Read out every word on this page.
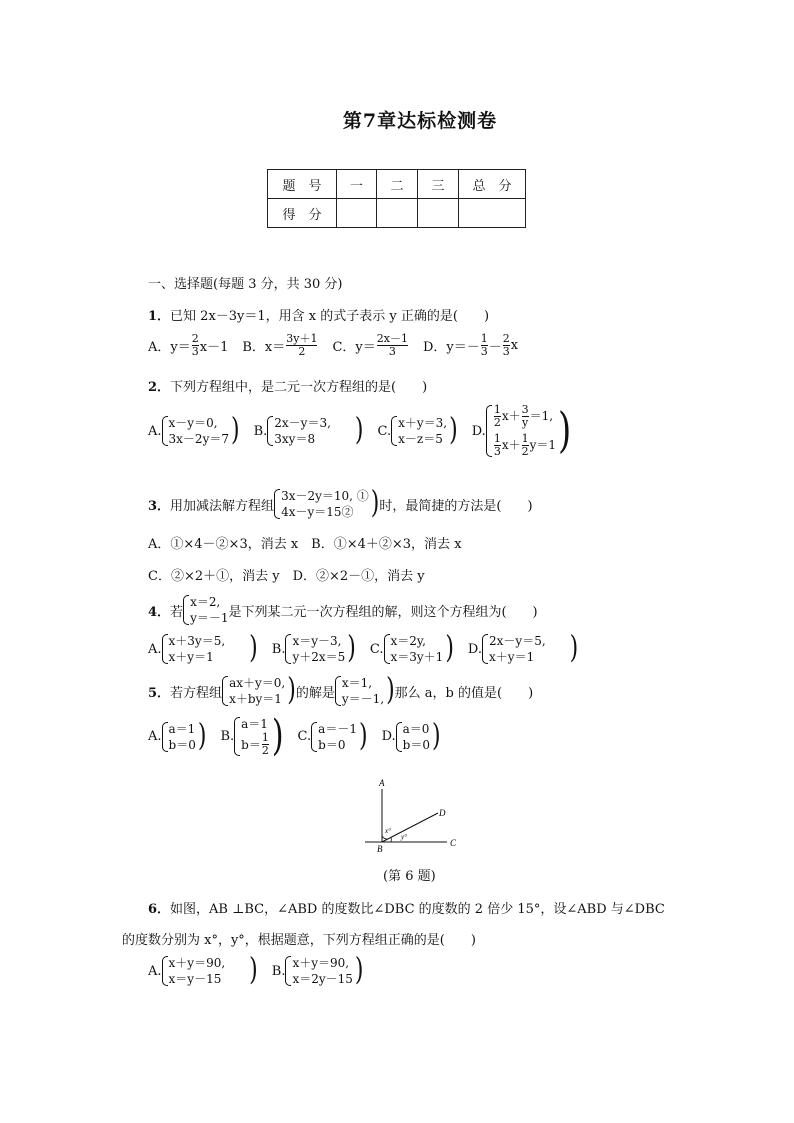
第7章达标检测卷
题　号	一	二	三	总　分
得　分				
一、选择题(每题 3 分，共 30 分)
1．已知 2x－3y＝1，用含 x 的式子表示 y 正确的是(　　)
A．$y= \frac{2}{3} x-1$ B．$x= \frac{3y+1}{2}$ C．$y= \frac{2x-1}{3}$ D．$y=- \frac{1}{3} - \frac{2}{3}$ x
2．下列方程组中，是二元一次方程组的是(　　)
A.
x－y＝0,
3x－2y＝7 ) B.
2x－y＝3,
3xy＝8 　) C.
x＋y＝3,
x－z＝5 ) D.
$\frac{1}{2} x+ \frac{3}{y} =1$,
$\frac{1}{3} x+ \frac{1}{2} y=1$ )
3． 用加减法解方程组
3x－2y＝10, ①
4x－y＝15② ) 时，最简捷的方法是(　　)
A．①×4－②×3，消去 x　B．①×4＋②×3，消去 x
C．②×2＋①，消去 y　D．②×2－①，消去 y
4． 若
x＝2,
y＝－1 是下列某二元一次方程组的解，则这个方程组为(　　)
A.
x＋3y＝5,
x＋y＝1 　) B.
x＝y－3,
y＋2x＝5 ) C.
x＝2y,
x＝3y＋1 ) D.
2x－y＝5,
x＋y＝1 　)
5． 若方程组
ax＋y＝0,
x＋by＝1 ) 的解是
x＝1,
y＝－1, ) 那么 a，b 的值是(　　)
A.
a＝1
b＝0 ) B.
a＝1
$b= \frac{1}{2}$ ) C.
a＝－1
b＝0 ) D.
a＝0
b＝0 )
A
B
C
D
x°
y°
(第 6 题)
6．如图，AB ⊥BC，∠ABD 的度数比∠DBC 的度数的 2 倍少 15°，设∠ABD 与∠DBC
的度数分别为 x°，y°，根据题意，下列方程组正确的是(　　)
A.
x＋y＝90,
x＝y－15 　) B.
x＋y＝90,
x＝2y－15 )
